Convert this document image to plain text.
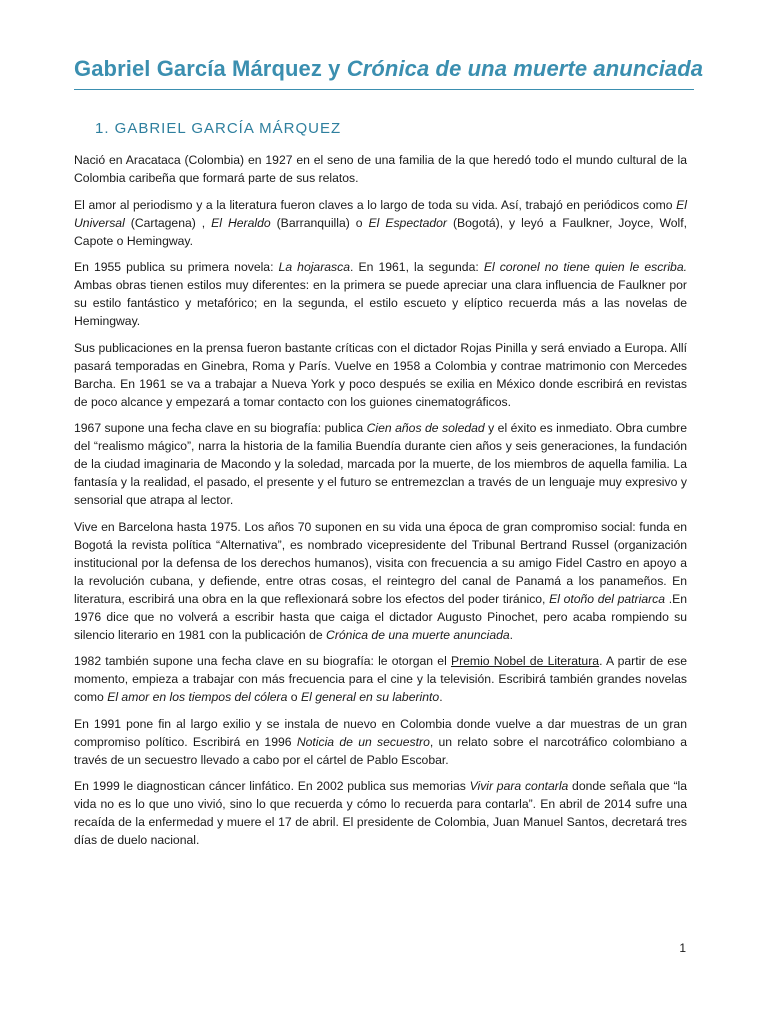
Gabriel García Márquez y Crónica de una muerte anunciada
1. GABRIEL GARCÍA MÁRQUEZ

Nació en Aracataca (Colombia) en 1927 en el seno de una familia de la que heredó todo el mundo cultural de la Colombia caribeña que formará parte de sus relatos.

El amor al periodismo y a la literatura fueron claves a lo largo de toda su vida. Así, trabajó en periódicos como El Universal (Cartagena) , El Heraldo (Barranquilla) o El Espectador (Bogotá), y leyó a Faulkner, Joyce, Wolf, Capote o Hemingway.

En 1955 publica su primera novela: La hojarasca. En 1961, la segunda: El coronel no tiene quien le escriba. Ambas obras tienen estilos muy diferentes: en la primera se puede apreciar una clara influencia de Faulkner por su estilo fantástico y metafórico; en la segunda, el estilo escueto y elíptico recuerda más a las novelas de Hemingway.

Sus publicaciones en la prensa fueron bastante críticas con el dictador Rojas Pinilla y será enviado a Europa. Allí pasará temporadas en Ginebra, Roma y París. Vuelve en 1958 a Colombia y contrae matrimonio con Mercedes Barcha. En 1961 se va a trabajar a Nueva York y poco después se exilia en México donde escribirá en revistas de poco alcance y empezará a tomar contacto con los guiones cinematográficos.

1967 supone una fecha clave en su biografía: publica Cien años de soledad y el éxito es inmediato. Obra cumbre del “realismo mágico”, narra la historia de la familia Buendía durante cien años y seis generaciones, la fundación de la ciudad imaginaria de Macondo y la soledad, marcada por la muerte, de los miembros de aquella familia. La fantasía y la realidad, el pasado, el presente y el futuro se entremezclan a través de un lenguaje muy expresivo y sensorial que atrapa al lector.

Vive en Barcelona hasta 1975. Los años 70 suponen en su vida una época de gran compromiso social: funda en Bogotá la revista política “Alternativa”, es nombrado vicepresidente del Tribunal Bertrand Russel (organización institucional por la defensa de los derechos humanos), visita con frecuencia a su amigo Fidel Castro en apoyo a la revolución cubana, y defiende, entre otras cosas, el reintegro del canal de Panamá a los panameños. En literatura, escribirá una obra en la que reflexionará sobre los efectos del poder tiránico, El otoño del patriarca .En 1976 dice que no volverá a escribir hasta que caiga el dictador Augusto Pinochet, pero acaba rompiendo su silencio literario en 1981 con la publicación de Crónica de una muerte anunciada.

1982 también supone una fecha clave en su biografía: le otorgan el Premio Nobel de Literatura. A partir de ese momento, empieza a trabajar con más frecuencia para el cine y la televisión. Escribirá también grandes novelas como El amor en los tiempos del cólera o El general en su laberinto.

En 1991 pone fin al largo exilio y se instala de nuevo en Colombia donde vuelve a dar muestras de un gran compromiso político. Escribirá en 1996 Noticia de un secuestro, un relato sobre el narcotráfico colombiano a través de un secuestro llevado a cabo por el cártel de Pablo Escobar.

En 1999 le diagnostican cáncer linfático. En 2002 publica sus memorias Vivir para contarla donde señala que “la vida no es lo que uno vivió, sino lo que recuerda y cómo lo recuerda para contarla”. En abril de 2014 sufre una recaída de la enfermedad y muere el 17 de abril. El presidente de Colombia, Juan Manuel Santos, decretará tres días de duelo nacional.

1
